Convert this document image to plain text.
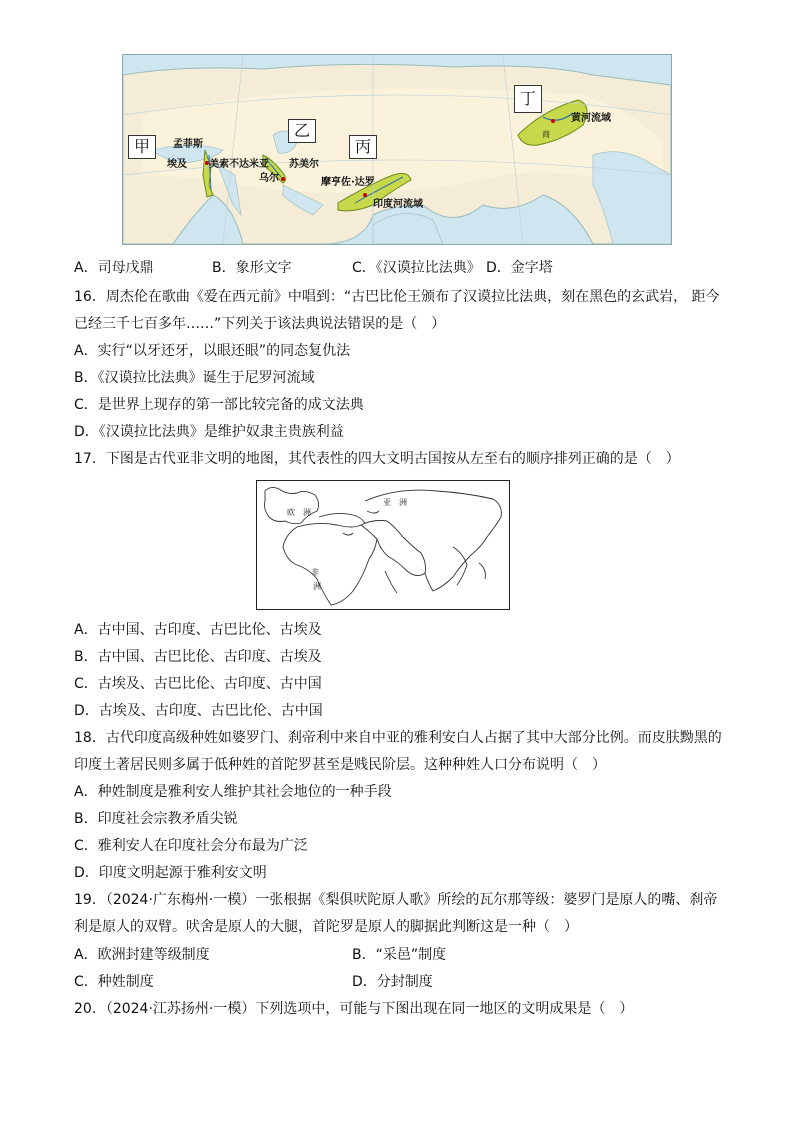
甲
乙
丙
丁
孟菲斯
埃及 美索不达米亚 苏美尔
乌尔	摩亨佐·达罗
印度河流域
黄河流域
商
A．司母戊鼎	B．象形文字	C．《汉谟拉比法典》 D．金字塔
16．周杰伦在歌曲《爱在西元前》中唱到：“古巴比伦王颁布了汉谟拉比法典，刻在黑色的玄武岩， 距今
已经三千七百多年……”下列关于该法典说法错误的是（　）
A．实行“以牙还牙，以眼还眼”的同态复仇法
B．《汉谟拉比法典》诞生于尼罗河流域
C．是世界上现存的第一部比较完备的成文法典
D．《汉谟拉比法典》是维护奴隶主贵族利益
17．下图是古代亚非文明的地图，其代表性的四大文明古国按从左至右的顺序排列正确的是（　）
亚　洲
欧　洲
非
洲
A．古中国、古印度、古巴比伦、古埃及
B．古中国、古巴比伦、古印度、古埃及
C．古埃及、古巴比伦、古印度、古中国
D．古埃及、古印度、古巴比伦、古中国
18．古代印度高级种姓如婆罗门、刹帝利中来自中亚的雅利安白人占据了其中大部分比例。而皮肤黝黑的
印度土著居民则多属于低种姓的首陀罗甚至是贱民阶层。这种种姓人口分布说明（　）
A．种姓制度是雅利安人维护其社会地位的一种手段
B．印度社会宗教矛盾尖锐
C．雅利安人在印度社会分布最为广泛
D．印度文明起源于雅利安文明
19．（2024·广东梅州·一模）一张根据《梨俱吠陀原人歌》所绘的瓦尔那等级：婆罗门是原人的嘴、刹帝
利是原人的双臂。吠舍是原人的大腿，首陀罗是原人的脚据此判断这是一种（　）
A．欧洲封建等级制度	B．“采邑”制度
C．种姓制度	D．分封制度
20．（2024·江苏扬州·一模）下列选项中，可能与下图出现在同一地区的文明成果是（　）
